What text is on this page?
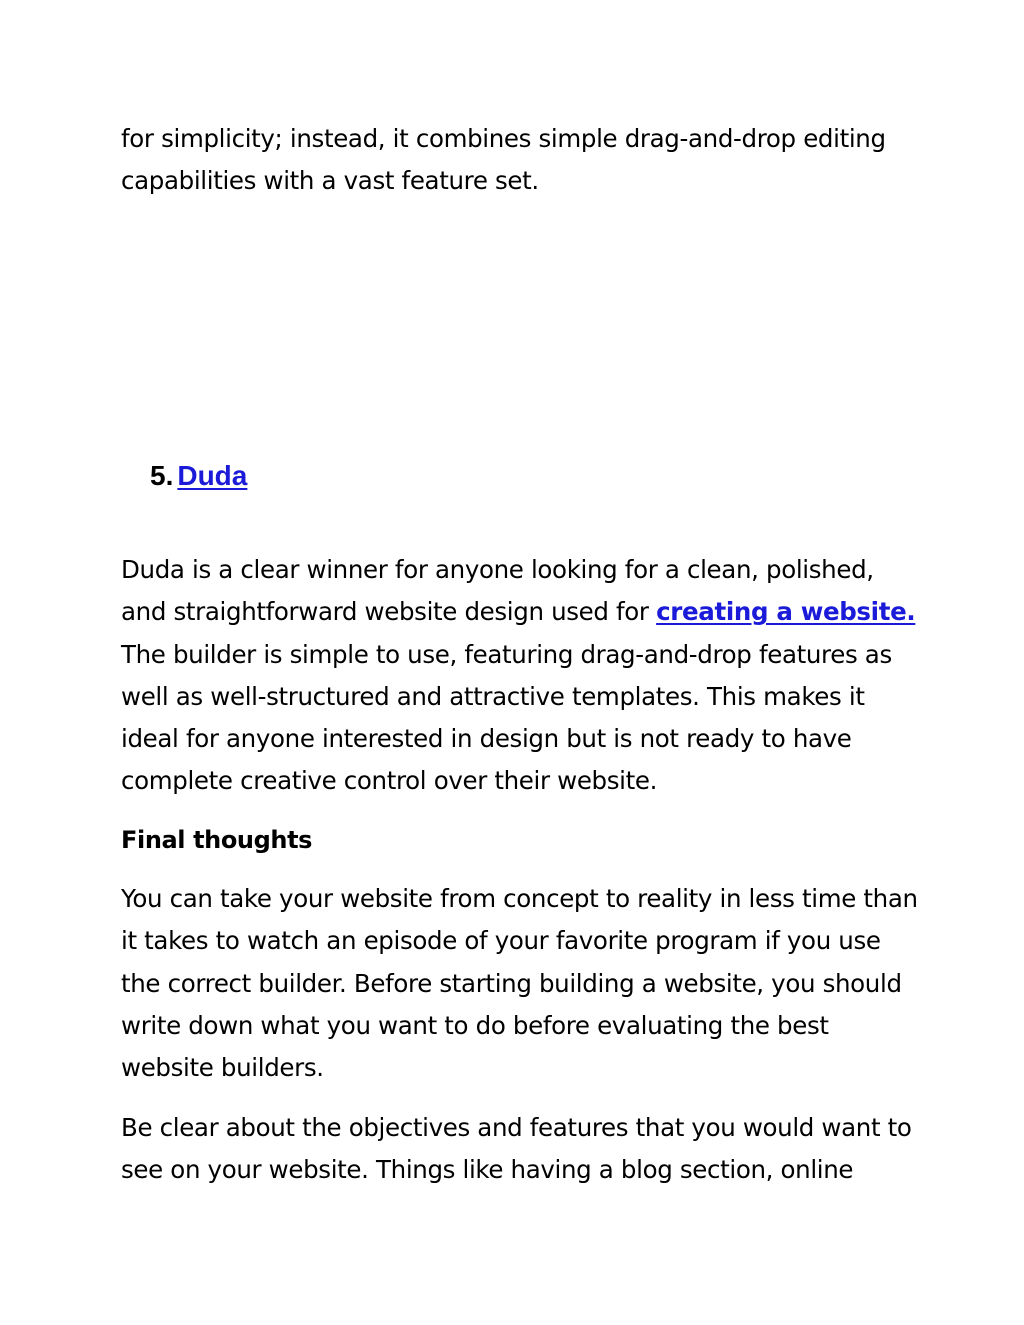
for simplicity; instead, it combines simple drag-and-drop editing capabilities with a vast feature set.

5. Duda

Duda is a clear winner for anyone looking for a clean, polished, and straightforward website design used for creating a website. The builder is simple to use, featuring drag-and-drop features as well as well-structured and attractive templates. This makes it ideal for anyone interested in design but is not ready to have complete creative control over their website.

Final thoughts

You can take your website from concept to reality in less time than it takes to watch an episode of your favorite program if you use the correct builder. Before starting building a website, you should write down what you want to do before evaluating the best website builders.

Be clear about the objectives and features that you would want to see on your website. Things like having a blog section, online
